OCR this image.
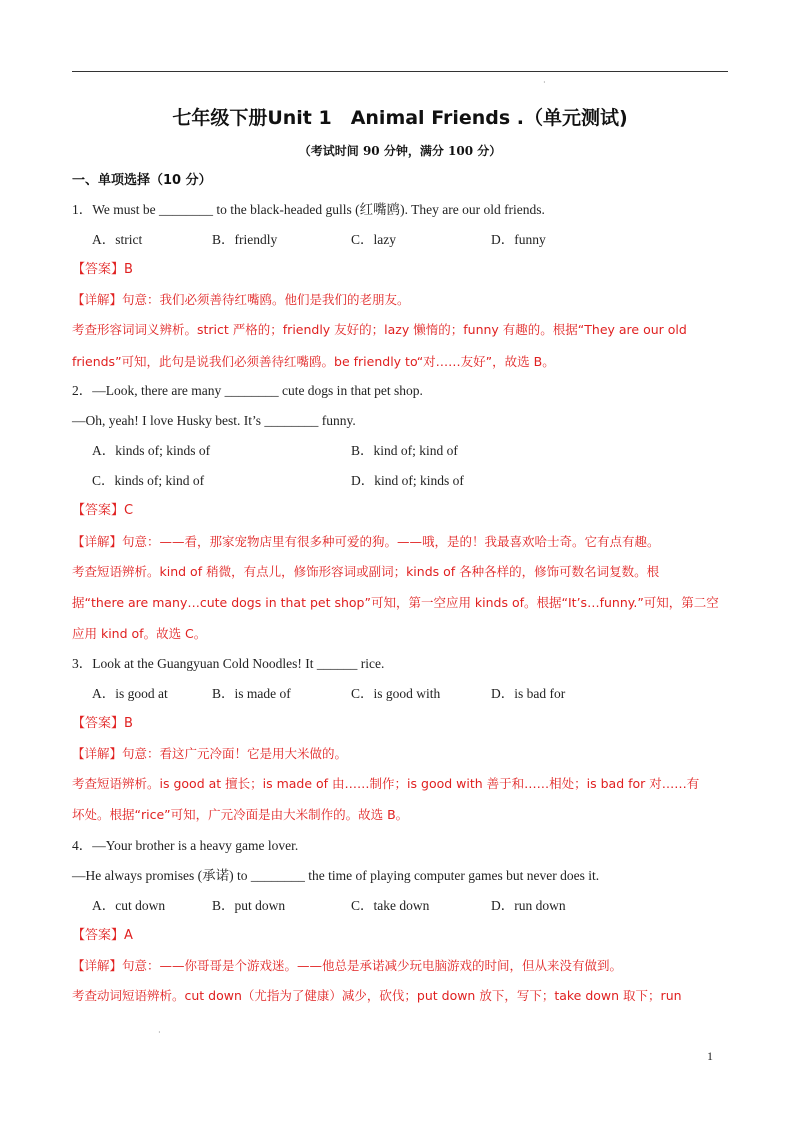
·
七年级下册Unit 1　Animal Friends .（单元测试)
（考试时间 90 分钟，满分 100 分）
一、单项选择（10 分）
1．We must be ________ to the black-headed gulls (红嘴鸥). They are our old friends.
A．strict	B．friendly	C．lazy	D．funny
【答案】B
【详解】句意：我们必须善待红嘴鸥。他们是我们的老朋友。
考查形容词词义辨析。strict 严格的；friendly 友好的；lazy 懒惰的；funny 有趣的。根据“They are our old
friends”可知，此句是说我们必须善待红嘴鸥。be friendly to“对……友好”，故选 B。
2．—Look, there are many ________ cute dogs in that pet shop.
—Oh, yeah! I love Husky best. It’s ________ funny.
A．kinds of; kinds of	B．kind of; kind of
C．kinds of; kind of	D．kind of; kinds of
【答案】C
【详解】句意：——看，那家宠物店里有很多种可爱的狗。——哦，是的！我最喜欢哈士奇。它有点有趣。
考查短语辨析。kind of 稍微，有点儿，修饰形容词或副词；kinds of 各种各样的，修饰可数名词复数。根
据“there are many…cute dogs in that pet shop”可知，第一空应用 kinds of。根据“It’s…funny.”可知，第二空
应用 kind of。故选 C。
3．Look at the Guangyuan Cold Noodles! It ______ rice.
A．is good at	B．is made of	C．is good with	D．is bad for
【答案】B
【详解】句意：看这广元冷面！它是用大米做的。
考查短语辨析。is good at 擅长；is made of 由……制作；is good with 善于和……相处；is bad for 对……有
坏处。根据“rice”可知，广元冷面是由大米制作的。故选 B。
4．—Your brother is a heavy game lover.
—He always promises (承诺) to ________ the time of playing computer games but never does it.
A．cut down	B．put down	C．take down	D．run down
【答案】A
【详解】句意：——你哥哥是个游戏迷。——他总是承诺减少玩电脑游戏的时间，但从来没有做到。
考查动词短语辨析。cut down（尤指为了健康）减少，砍伐；put down 放下，写下；take down 取下；run
·
1
